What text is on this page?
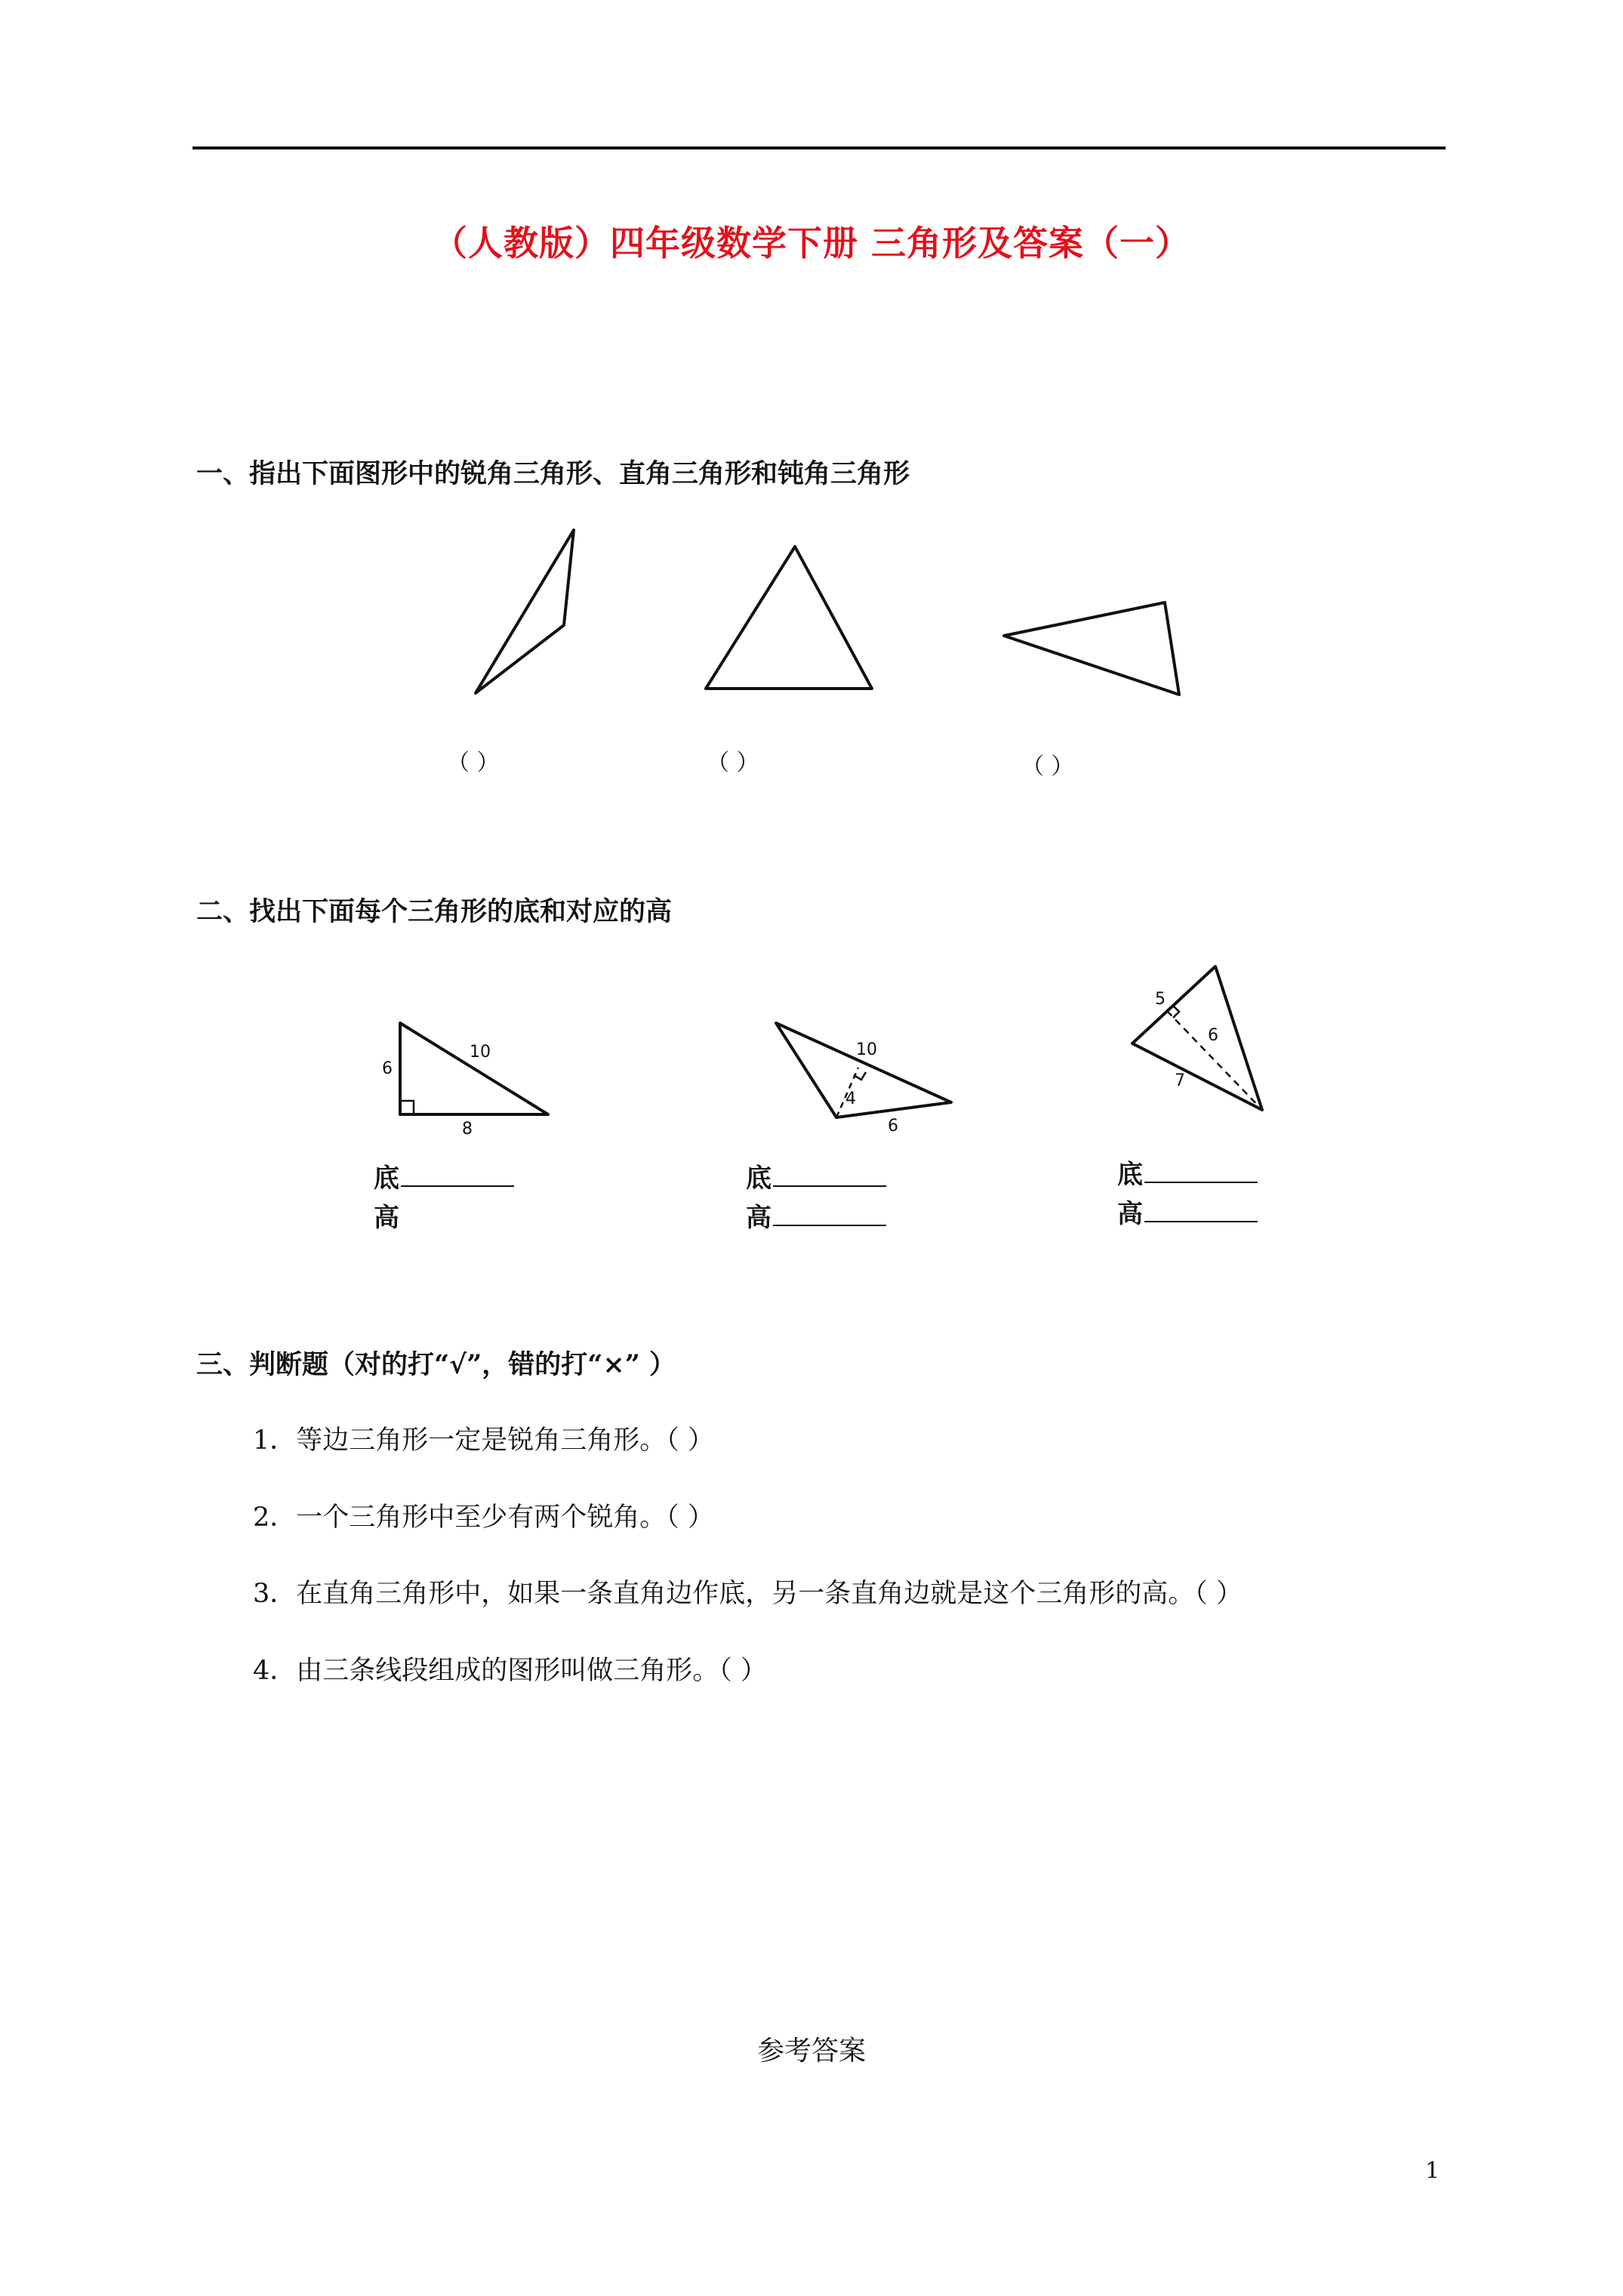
（人教版）四年级数学下册 三角形及答案（一）
一、指出下面图形中的锐角三角形、直角三角形和钝角三角形
（ ）	（ ）	（ ）
二、找出下面每个三角形的底和对应的高
6
10
8
10
4
6
5
6
7
底
高
底
高
底
高
三、判断题（对的打“√”，错的打“×” ）
1．等边三角形一定是锐角三角形。（ ）
2．一个三角形中至少有两个锐角。（ ）
3．在直角三角形中，如果一条直角边作底，另一条直角边就是这个三角形的高。（ ）
4．由三条线段组成的图形叫做三角形。（ ）
参考答案
1
